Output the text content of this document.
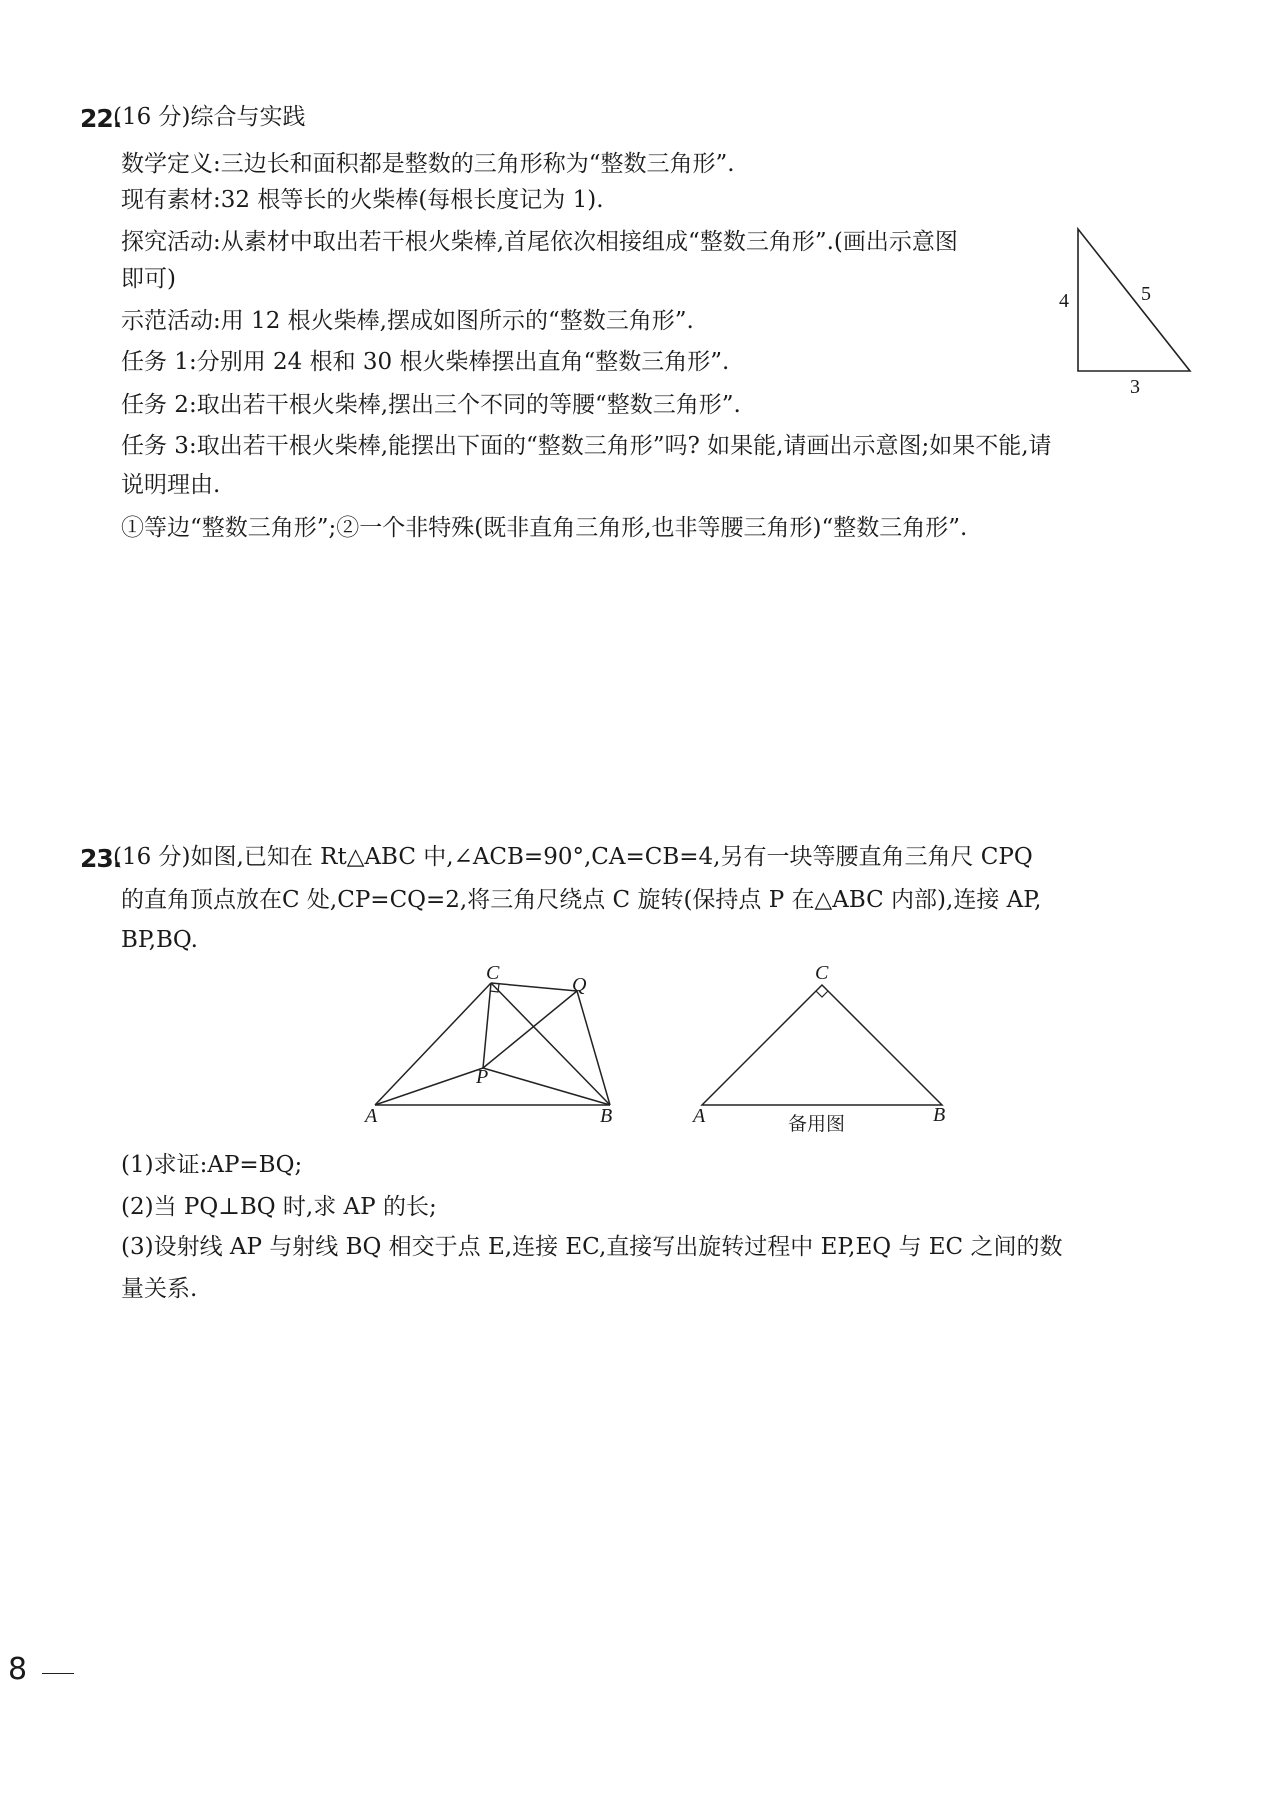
22.
(16 分)综合与实践
数学定义:三边长和面积都是整数的三角形称为“整数三角形”.
现有素材:32 根等长的火柴棒(每根长度记为 1).
探究活动:从素材中取出若干根火柴棒,首尾依次相接组成“整数三角形”.(画出示意图
即可)
示范活动:用 12 根火柴棒,摆成如图所示的“整数三角形”.
任务 1:分别用 24 根和 30 根火柴棒摆出直角“整数三角形”.
任务 2:取出若干根火柴棒,摆出三个不同的等腰“整数三角形”.
任务 3:取出若干根火柴棒,能摆出下面的“整数三角形”吗? 如果能,请画出示意图;如果不能,请
说明理由.
①等边“整数三角形”;②一个非特殊(既非直角三角形,也非等腰三角形)“整数三角形”.
4	5
3
23.
(16 分)如图,已知在 Rt△ABC 中,∠ACB=90°,CA=CB=4,另有一块等腰直角三角尺 CPQ
的直角顶点放在C 处,CP=CQ=2,将三角尺绕点 C 旋转(保持点 P 在△ABC 内部),连接 AP,
BP,BQ.
A	B
C
P
Q
A	B
C
备用图
(1)求证:AP=BQ;
(2)当 PQ⊥BQ 时,求 AP 的长;
(3)设射线 AP 与射线 BQ 相交于点 E,连接 EC,直接写出旋转过程中 EP,EQ 与 EC 之间的数
量关系.
8
